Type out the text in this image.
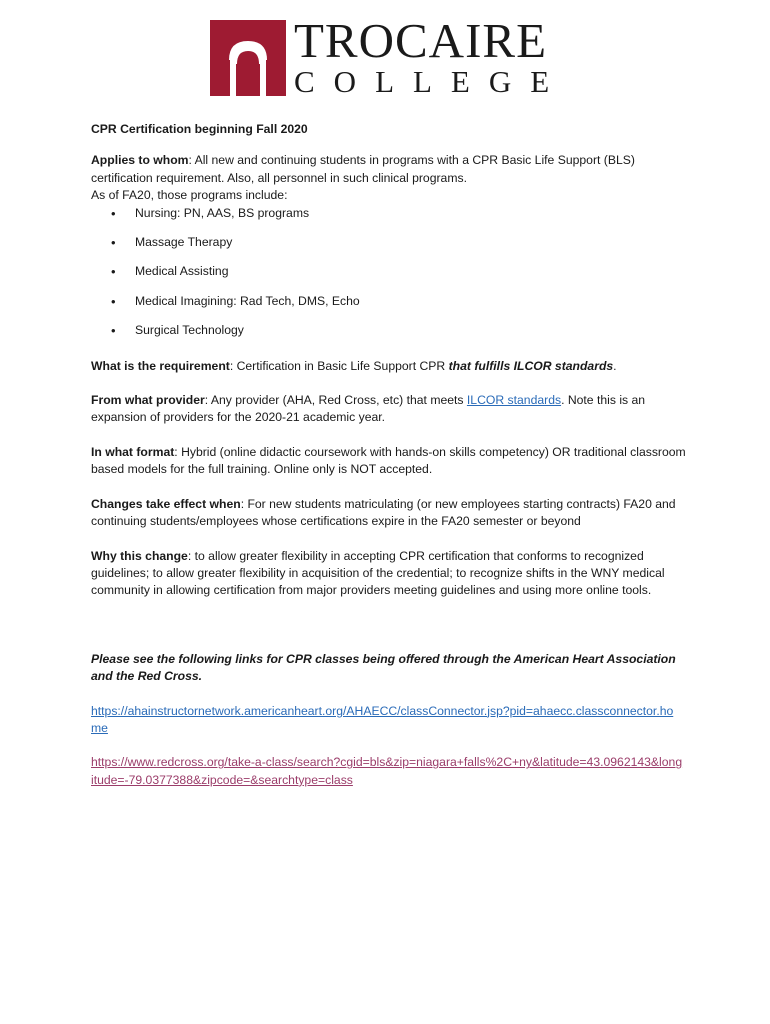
TROCAIRE
COLLEGE

CPR Certification beginning Fall 2020

Applies to whom: All new and continuing students in programs with a CPR Basic Life Support (BLS) certification requirement. Also, all personnel in such clinical programs.

As of FA20, those programs include:

• Nursing: PN, AAS, BS programs
• Massage Therapy
• Medical Assisting
• Medical Imagining: Rad Tech, DMS, Echo
• Surgical Technology

What is the requirement: Certification in Basic Life Support CPR that fulfills ILCOR standards.

From what provider: Any provider (AHA, Red Cross, etc) that meets ILCOR standards. Note this is an expansion of providers for the 2020-21 academic year.

In what format: Hybrid (online didactic coursework with hands-on skills competency) OR traditional classroom based models for the full training. Online only is NOT accepted.

Changes take effect when: For new students matriculating (or new employees starting contracts) FA20 and continuing students/employees whose certifications expire in the FA20 semester or beyond

Why this change: to allow greater flexibility in accepting CPR certification that conforms to recognized guidelines; to allow greater flexibility in acquisition of the credential; to recognize shifts in the WNY medical community in allowing certification from major providers meeting guidelines and using more online tools.

Please see the following links for CPR classes being offered through the American Heart Association and the Red Cross.

https://ahainstructornetwork.americanheart.org/AHAECC/classConnector.jsp?pid=ahaecc.classconnector.home

https://www.redcross.org/take-a-class/search?cgid=bls&zip=niagara+falls%2C+ny&latitude=43.0962143&longitude=-79.0377388&zipcode=&searchtype=class
